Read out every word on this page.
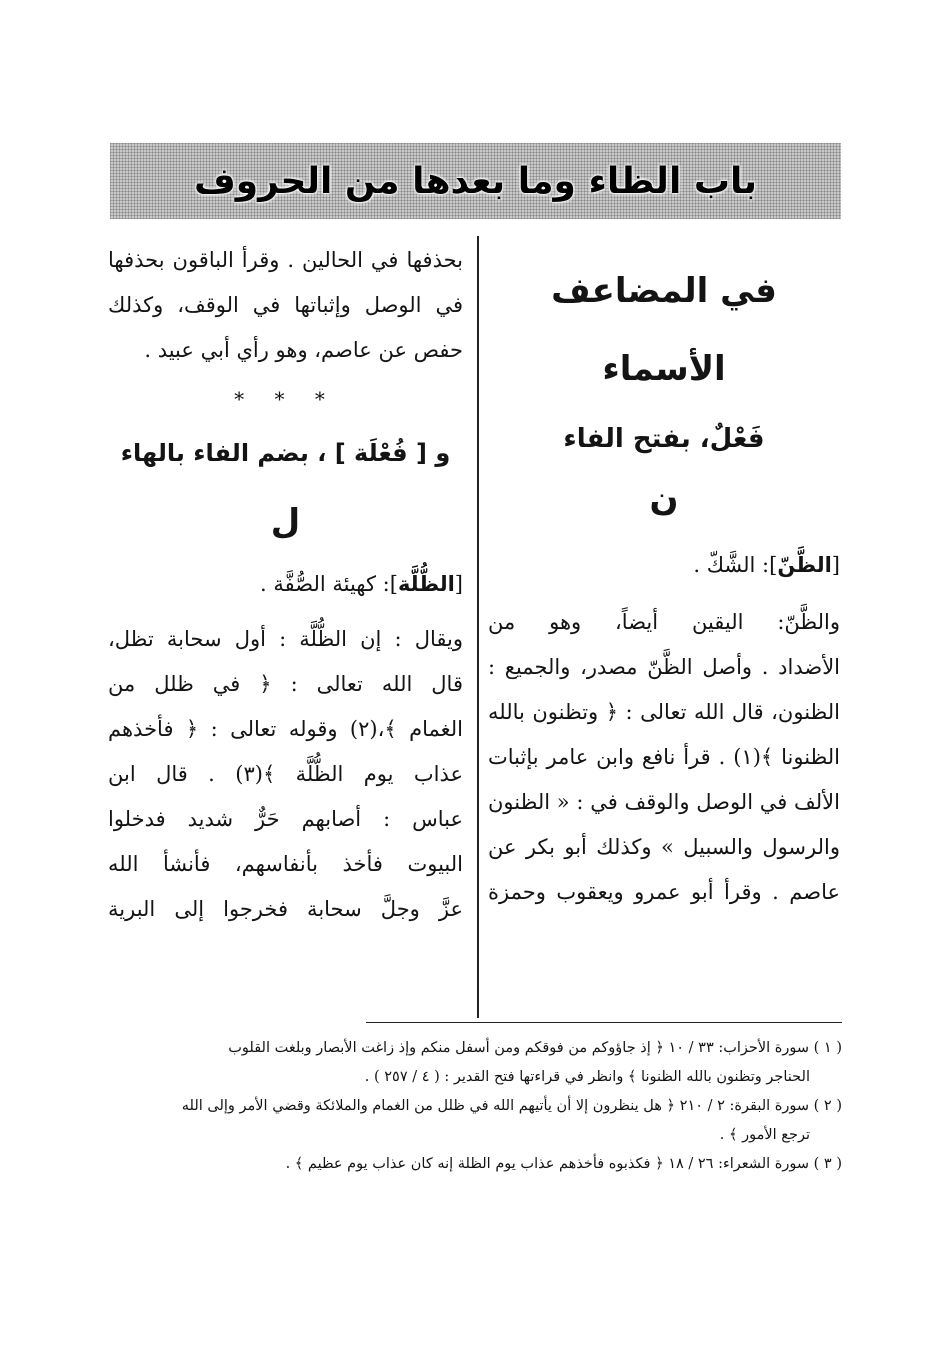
باب الظاء وما بعدها من الحروف
في المضاعف
الأسماء
فَعْلٌ، بفتح الفاء
ن

[الظَّنّ]: الشَّكّ .

والظَّنّ: اليقين أيضاً، وهو من

الأضداد . وأصل الظَّنّ مصدر، والجميع :

الظنون، قال الله تعالى : ﴿ وتظنون بالله

الظنونا ﴾(١) . قرأ نافع وابن عامر بإثبات

الألف في الوصل والوقف في : « الظنون

والرسول والسبيل » وكذلك أبو بكر عن

عاصم . وقرأ أبو عمرو ويعقوب وحمزة

بحذفها في الحالين . وقرأ الباقون بحذفها

في الوصل وإثباتها في الوقف، وكذلك

حفص عن عاصم، وهو رأي أبي عبيد .

* * *
و [ فُعْلَة ] ، بضم الفاء بالهاء
ل

[الظُّلَّة]: كهيئة الصُّفَّة .

ويقال : إن الظُّلَّة : أول سحابة تظل،

قال الله تعالى : ﴿ في ظلل من

الغمام ﴾،(٢) وقوله تعالى : ﴿ فأخذهم

عذاب يوم الظُّلَّة ﴾(٣) . قال ابن

عباس : أصابهم حَرٌّ شديد فدخلوا

البيوت فأخذ بأنفاسهم، فأنشأ الله

عزَّ وجلَّ سحابة فخرجوا إلى البرية

( ١ ) سورة الأحزاب: ٣٣ / ١٠ ﴿ إذ جاؤوكم من فوقكم ومن أسفل منكم وإذ زاغت الأبصار وبلغت القلوب

الحناجر وتظنون بالله الظنونا ﴾ وانظر في قراءتها فتح القدير : ( ٤ / ٢٥٧ ) .

( ٢ ) سورة البقرة: ٢ / ٢١٠ ﴿ هل ينظرون إلا أن يأتيهم الله في ظلل من الغمام والملائكة وقضي الأمر وإلى الله

ترجع الأمور ﴾ .

( ٣ ) سورة الشعراء: ٢٦ / ١٨ ﴿ فكذبوه فأخذهم عذاب يوم الظلة إنه كان عذاب يوم عظيم ﴾ .
